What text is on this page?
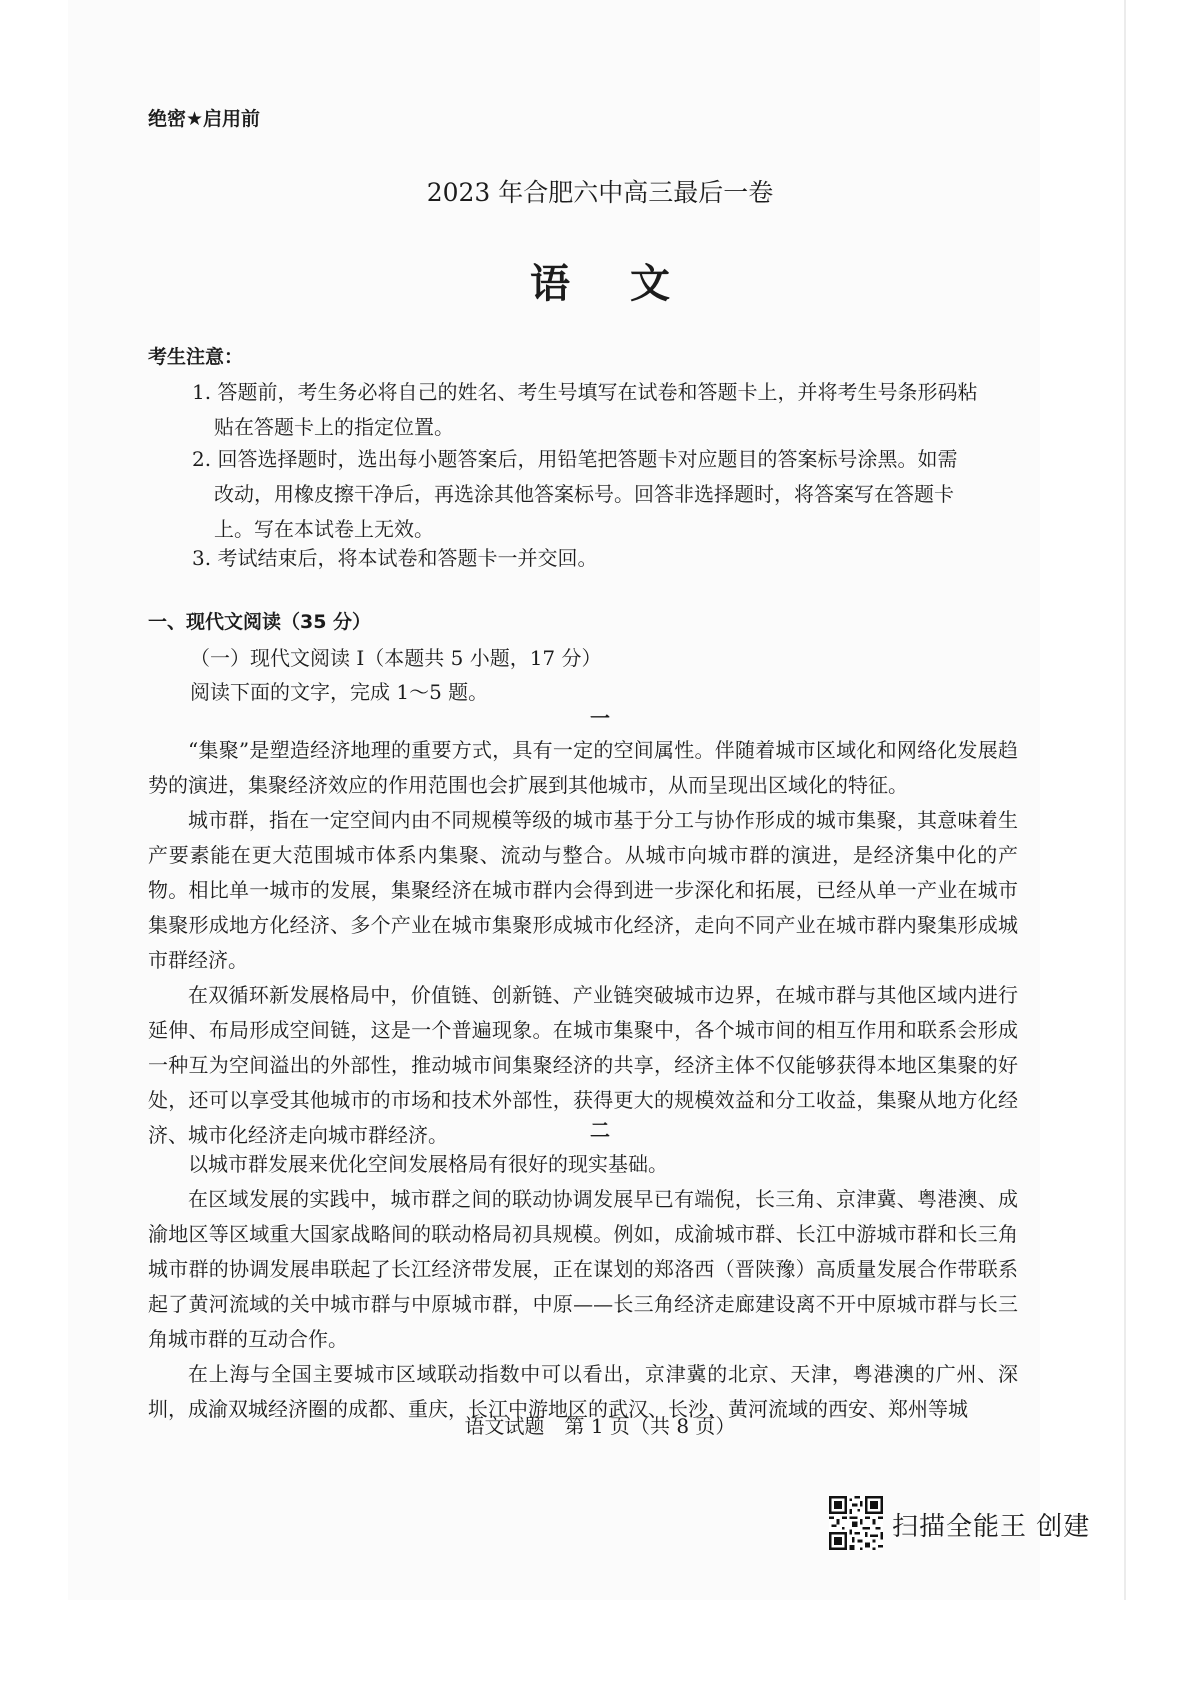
绝密★启用前
2023 年合肥六中高三最后一卷
语文
考生注意：
1. 答题前，考生务必将自己的姓名、考生号填写在试卷和答题卡上，并将考生号条形码粘
贴在答题卡上的指定位置。
2. 回答选择题时，选出每小题答案后，用铅笔把答题卡对应题目的答案标号涂黑。如需
改动，用橡皮擦干净后，再选涂其他答案标号。回答非选择题时，将答案写在答题卡
上。写在本试卷上无效。
3. 考试结束后，将本试卷和答题卡一并交回。
一、现代文阅读（35 分）
（一）现代文阅读 I（本题共 5 小题，17 分）
阅读下面的文字，完成 1～5 题。
一

“集聚”是塑造经济地理的重要方式，具有一定的空间属性。伴随着城市区域化和网络化发展趋势的演进，集聚经济效应的作用范围也会扩展到其他城市，从而呈现出区域化的特征。

城市群，指在一定空间内由不同规模等级的城市基于分工与协作形成的城市集聚，其意味着生产要素能在更大范围城市体系内集聚、流动与整合。从城市向城市群的演进，是经济集中化的产物。相比单一城市的发展，集聚经济在城市群内会得到进一步深化和拓展，已经从单一产业在城市集聚形成地方化经济、多个产业在城市集聚形成城市化经济，走向不同产业在城市群内聚集形成城市群经济。

在双循环新发展格局中，价值链、创新链、产业链突破城市边界，在城市群与其他区域内进行延伸、布局形成空间链，这是一个普遍现象。在城市集聚中，各个城市间的相互作用和联系会形成一种互为空间溢出的外部性，推动城市间集聚经济的共享，经济主体不仅能够获得本地区集聚的好处，还可以享受其他城市的市场和技术外部性，获得更大的规模效益和分工收益，集聚从地方化经济、城市化经济走向城市群经济。	二

以城市群发展来优化空间发展格局有很好的现实基础。

在区域发展的实践中，城市群之间的联动协调发展早已有端倪，长三角、京津冀、粤港澳、成渝地区等区域重大国家战略间的联动格局初具规模。例如，成渝城市群、长江中游城市群和长三角城市群的协调发展串联起了长江经济带发展，正在谋划的郑洛西（晋陕豫）高质量发展合作带联系起了黄河流域的关中城市群与中原城市群，中原——长三角经济走廊建设离不开中原城市群与长三角城市群的互动合作。

在上海与全国主要城市区域联动指数中可以看出，京津冀的北京、天津，粤港澳的广州、深圳，成渝双城经济圈的成都、重庆，长江中游地区的武汉、长沙，黄河流域的西安、郑州等城

语文试题　第 1 页（共 8 页）
扫描全能王 创建
